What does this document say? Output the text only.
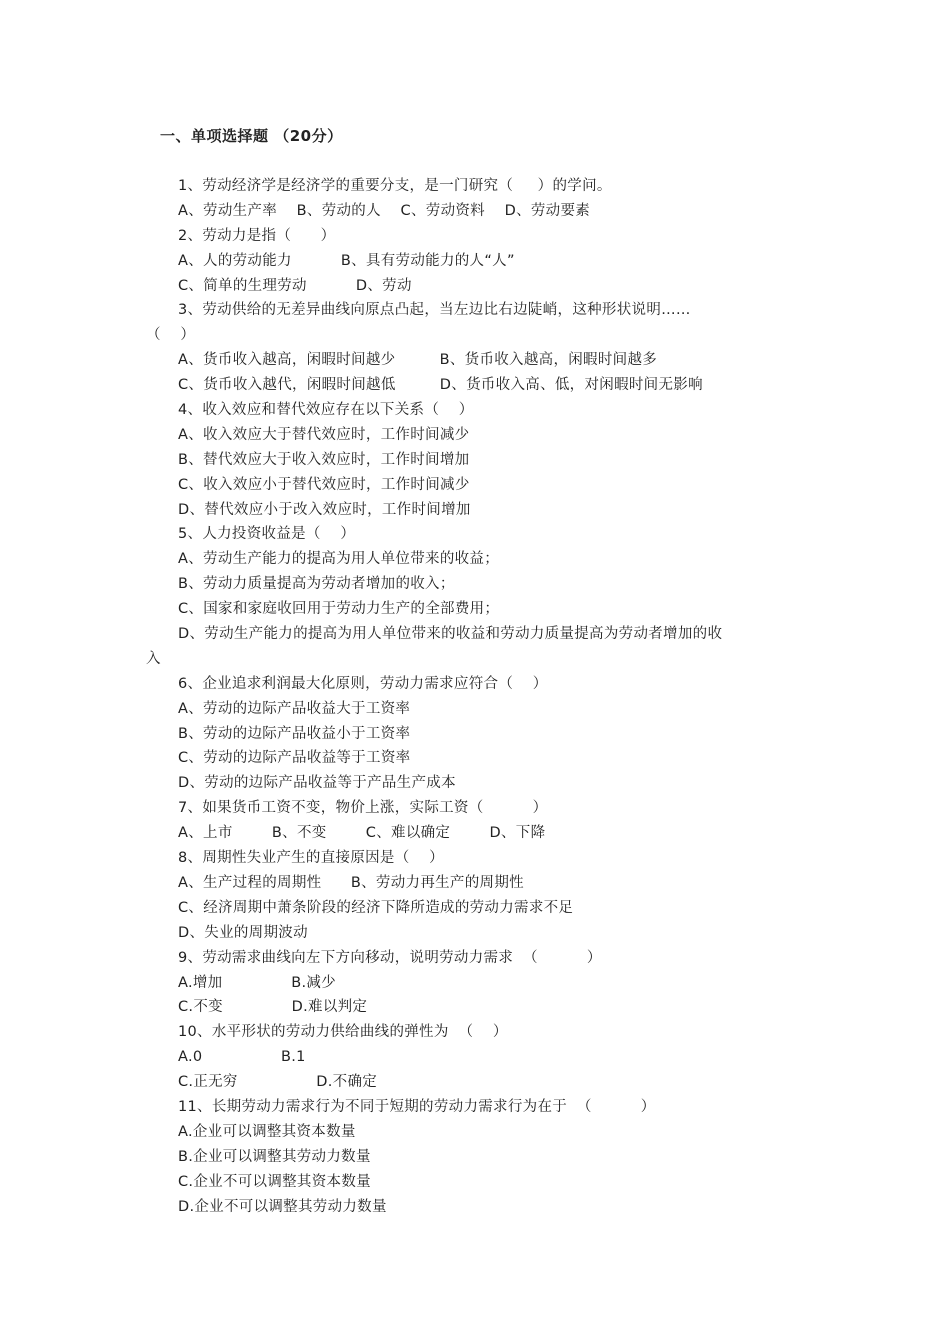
一、单项选择题 （20分）
1、劳动经济学是经济学的重要分支，是一门研究（     ）的学问。
A、劳动生产率    B、劳动的人    C、劳动资料    D、劳动要素
2、劳动力是指（      ）
A、人的劳动能力          B、具有劳动能力的人“人”
C、简单的生理劳动          D、劳动
3、劳动供给的无差异曲线向原点凸起，当左边比右边陡峭，这种形状说明……
（    ）
A、货币收入越高，闲暇时间越少         B、货币收入越高，闲暇时间越多
C、货币收入越代，闲暇时间越低         D、货币收入高、低，对闲暇时间无影响
4、收入效应和替代效应存在以下关系（    ）
A、收入效应大于替代效应时，工作时间减少
B、替代效应大于收入效应时，工作时间增加
C、收入效应小于替代效应时，工作时间减少
D、替代效应小于改入效应时，工作时间增加
5、人力投资收益是（    ）
A、劳动生产能力的提高为用人单位带来的收益；
B、劳动力质量提高为劳动者增加的收入；
C、国家和家庭收回用于劳动力生产的全部费用；
D、劳动生产能力的提高为用人单位带来的收益和劳动力质量提高为劳动者增加的收
入
6、企业追求利润最大化原则，劳动力需求应符合（    ）
A、劳动的边际产品收益大于工资率
B、劳动的边际产品收益小于工资率
C、劳动的边际产品收益等于工资率
D、劳动的边际产品收益等于产品生产成本
7、如果货币工资不变，物价上涨，实际工资（          ）
A、上市        B、不变        C、难以确定        D、下降
8、周期性失业产生的直接原因是（    ）
A、生产过程的周期性      B、劳动力再生产的周期性
C、经济周期中萧条阶段的经济下降所造成的劳动力需求不足
D、失业的周期波动
9、劳动需求曲线向左下方向移动，说明劳动力需求  （          ）
A.增加              B.减少
C.不变              D.难以判定
10、水平形状的劳动力供给曲线的弹性为  （    ）
A.0                B.1
C.正无穷                D.不确定
11、长期劳动力需求行为不同于短期的劳动力需求行为在于  （          ）
A.企业可以调整其资本数量
B.企业可以调整其劳动力数量
C.企业不可以调整其资本数量
D.企业不可以调整其劳动力数量
